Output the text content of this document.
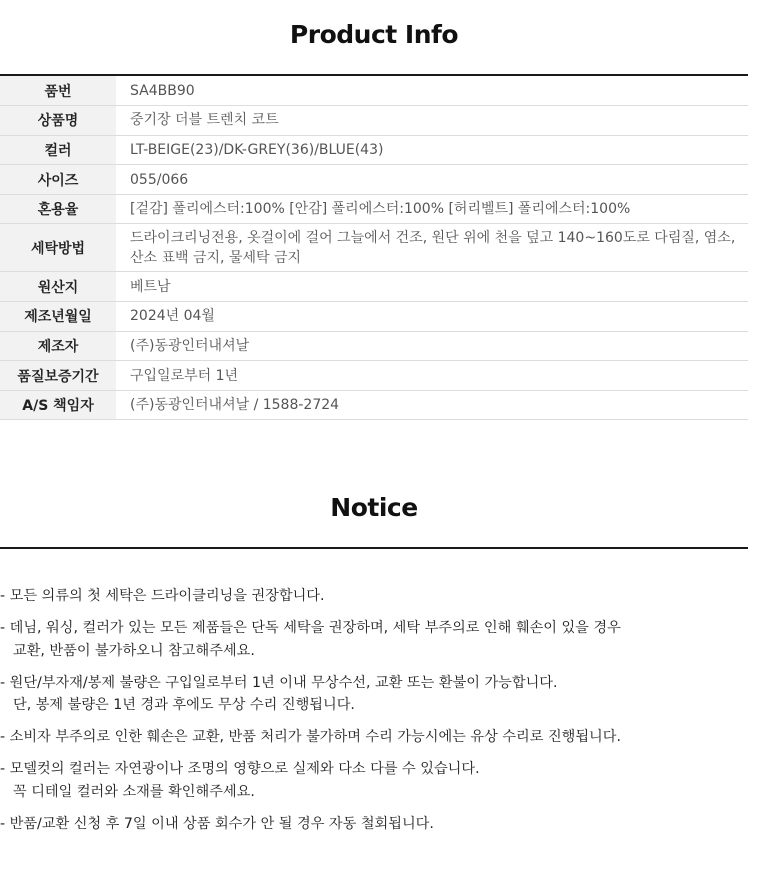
Product Info
품번	SA4BB90
상품명	중기장 더블 트렌치 코트
컬러	LT-BEIGE(23)/DK-GREY(36)/BLUE(43)
사이즈	055/066
혼용율	[겉감] 폴리에스터:100% [안감] 폴리에스터:100% [허리벨트] 폴리에스터:100%
세탁방법	드라이크리닝전용, 옷걸이에 걸어 그늘에서 건조, 원단 위에 천을 덮고 140~160도로 다림질, 염소,산소 표백 금지, 물세탁 금지
원산지	베트남
제조년월일	2024년 04월
제조자	(주)동광인터내셔날
품질보증기간	구입일로부터 1년
A/S 책임자	(주)동광인터내셔날 / 1588-2724
Notice
- 모든 의류의 첫 세탁은 드라이클리닝을 권장합니다.
- 데님, 워싱, 컬러가 있는 모든 제품들은 단독 세탁을 권장하며, 세탁 부주의로 인해 훼손이 있을 경우
교환, 반품이 불가하오니 참고해주세요.
- 원단/부자재/봉제 불량은 구입일로부터 1년 이내 무상수선, 교환 또는 환불이 가능합니다.
단, 봉제 불량은 1년 경과 후에도 무상 수리 진행됩니다.
- 소비자 부주의로 인한 훼손은 교환, 반품 처리가 불가하며 수리 가능시에는 유상 수리로 진행됩니다.
- 모델컷의 컬러는 자연광이나 조명의 영향으로 실제와 다소 다를 수 있습니다.
꼭 디테일 컬러와 소재를 확인해주세요.
- 반품/교환 신청 후 7일 이내 상품 회수가 안 될 경우 자동 철회됩니다.
